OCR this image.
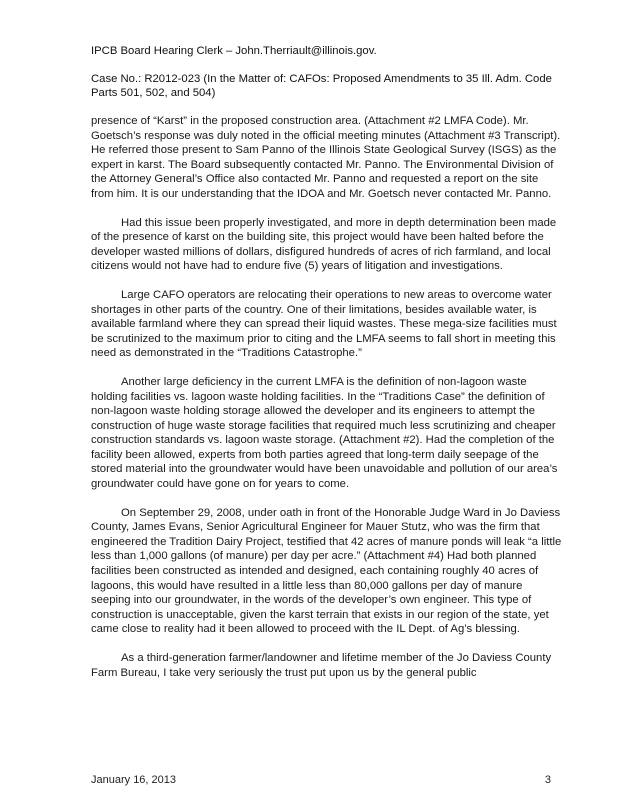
IPCB Board Hearing Clerk – John.Therriault@illinois.gov.
Case No.: R2012-023 (In the Matter of: CAFOs: Proposed Amendments to 35 Ill. Adm. Code Parts 501, 502, and 504)

presence of “Karst” in the proposed construction area. (Attachment #2 LMFA Code). Mr. Goetsch’s response was duly noted in the official meeting minutes (Attachment #3 Transcript). He referred those present to Sam Panno of the Illinois State Geological Survey (ISGS) as the expert in karst. The Board subsequently contacted Mr. Panno. The Environmental Division of the Attorney General’s Office also contacted Mr. Panno and requested a report on the site from him. It is our understanding that the IDOA and Mr. Goetsch never contacted Mr. Panno.

Had this issue been properly investigated, and more in depth determination been made of the presence of karst on the building site, this project would have been halted before the developer wasted millions of dollars, disfigured hundreds of acres of rich farmland, and local citizens would not have had to endure five (5) years of litigation and investigations.

Large CAFO operators are relocating their operations to new areas to overcome water shortages in other parts of the country. One of their limitations, besides available water, is available farmland where they can spread their liquid wastes. These mega-size facilities must be scrutinized to the maximum prior to citing and the LMFA seems to fall short in meeting this need as demonstrated in the “Traditions Catastrophe.”

Another large deficiency in the current LMFA is the definition of non-lagoon waste holding facilities vs. lagoon waste holding facilities. In the “Traditions Case” the definition of non-lagoon waste holding storage allowed the developer and its engineers to attempt the construction of huge waste storage facilities that required much less scrutinizing and cheaper construction standards vs. lagoon waste storage. (Attachment #2). Had the completion of the facility been allowed, experts from both parties agreed that long-term daily seepage of the stored material into the groundwater would have been unavoidable and pollution of our area’s groundwater could have gone on for years to come.

On September 29, 2008, under oath in front of the Honorable Judge Ward in Jo Daviess County, James Evans, Senior Agricultural Engineer for Mauer Stutz, who was the firm that engineered the Tradition Dairy Project, testified that 42 acres of manure ponds will leak “a little less than 1,000 gallons (of manure) per day per acre.” (Attachment #4) Had both planned facilities been constructed as intended and designed, each containing roughly 40 acres of lagoons, this would have resulted in a little less than 80,000 gallons per day of manure seeping into our groundwater, in the words of the developer’s own engineer. This type of construction is unacceptable, given the karst terrain that exists in our region of the state, yet came close to reality had it been allowed to proceed with the IL Dept. of Ag’s blessing.

As a third-generation farmer/landowner and lifetime member of the Jo Daviess County Farm Bureau, I take very seriously the trust put upon us by the general public

January 16, 2013	3
